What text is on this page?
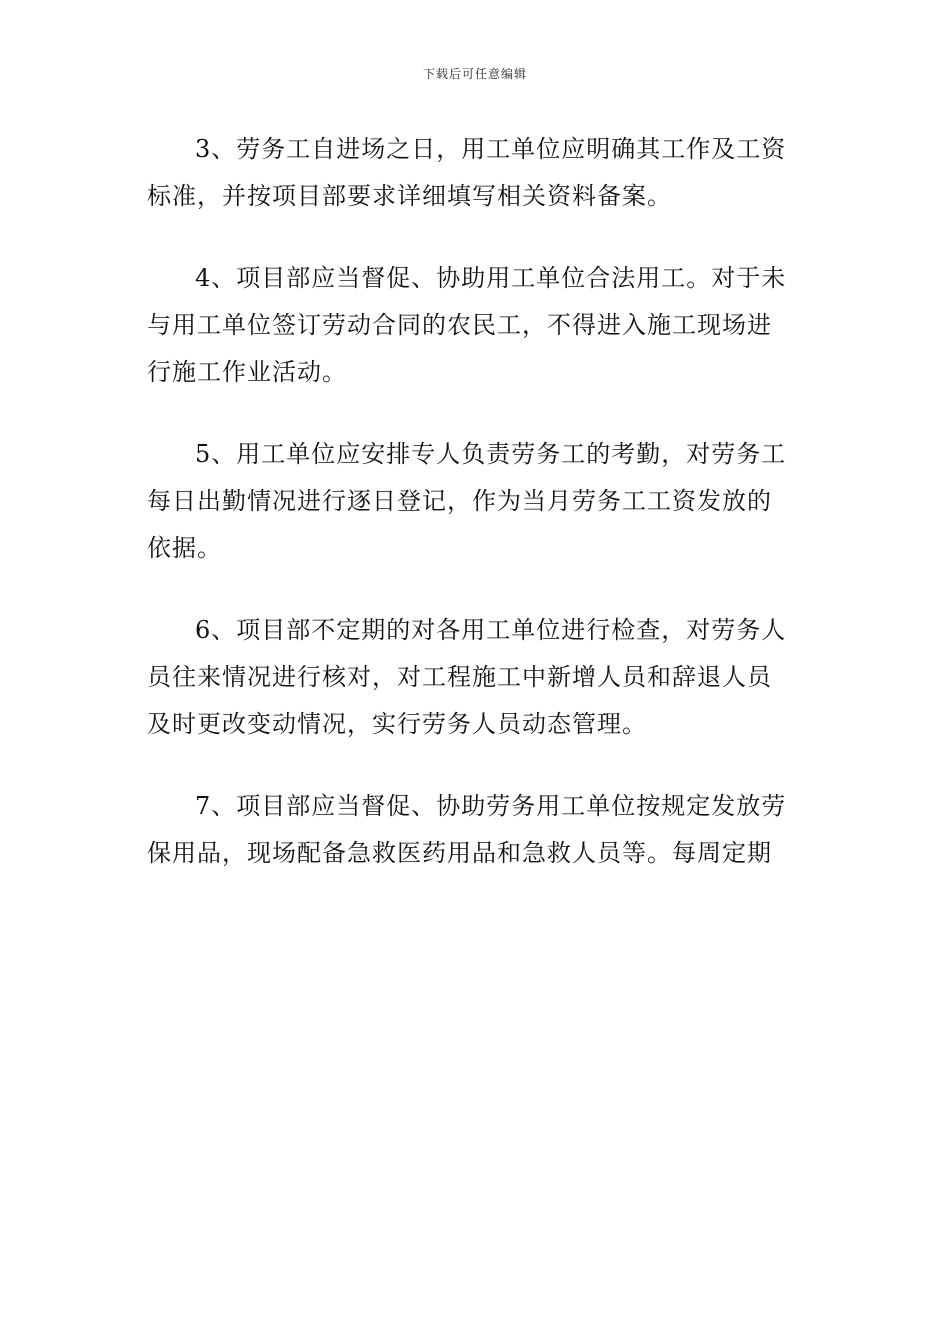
下载后可任意编辑
3、劳务工自进场之日，用工单位应明确其工作及工资
标准，并按项目部要求详细填写相关资料备案。
4、项目部应当督促、协助用工单位合法用工。对于未
与用工单位签订劳动合同的农民工，不得进入施工现场进
行施工作业活动。
5、用工单位应安排专人负责劳务工的考勤，对劳务工
每日出勤情况进行逐日登记，作为当月劳务工工资发放的
依据。
6、项目部不定期的对各用工单位进行检查，对劳务人
员往来情况进行核对，对工程施工中新增人员和辞退人员
及时更改变动情况，实行劳务人员动态管理。
7、项目部应当督促、协助劳务用工单位按规定发放劳
保用品，现场配备急救医药用品和急救人员等。每周定期
